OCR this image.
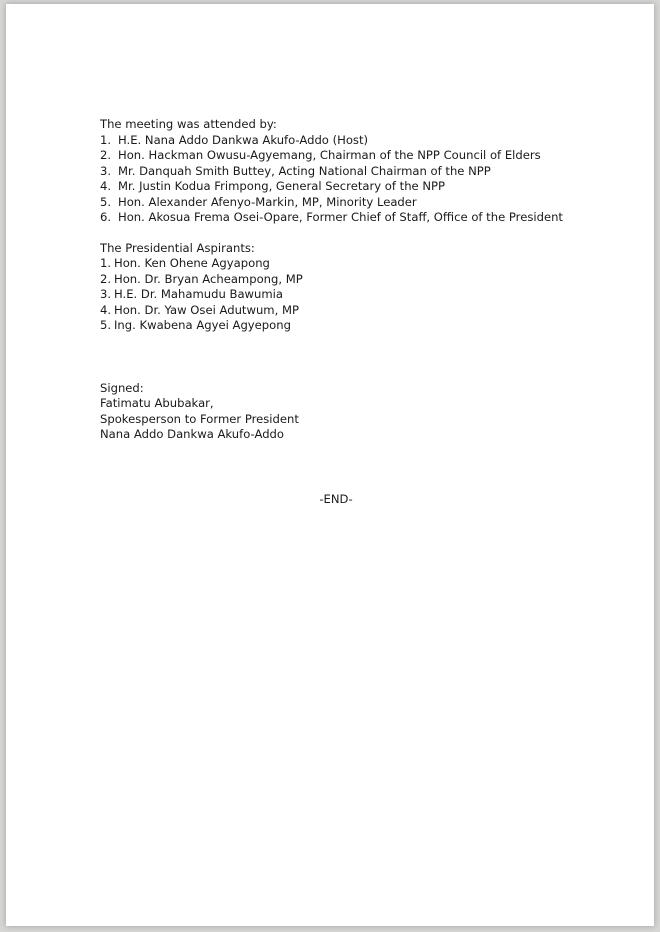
The meeting was attended by:

1. H.E. Nana Addo Dankwa Akufo-Addo (Host)
2. Hon. Hackman Owusu-Agyemang, Chairman of the NPP Council of Elders
3. Mr. Danquah Smith Buttey, Acting National Chairman of the NPP
4. Mr. Justin Kodua Frimpong, General Secretary of the NPP
5. Hon. Alexander Afenyo-Markin, MP, Minority Leader
6. Hon. Akosua Frema Osei-Opare, Former Chief of Staff, Office of the President

The Presidential Aspirants:

1. Hon. Ken Ohene Agyapong
2. Hon. Dr. Bryan Acheampong, MP
3. H.E. Dr. Mahamudu Bawumia
4. Hon. Dr. Yaw Osei Adutwum, MP
5. Ing. Kwabena Agyei Agyepong

Signed:

Fatimatu Abubakar,

Spokesperson to Former President

Nana Addo Dankwa Akufo-Addo

-END-
